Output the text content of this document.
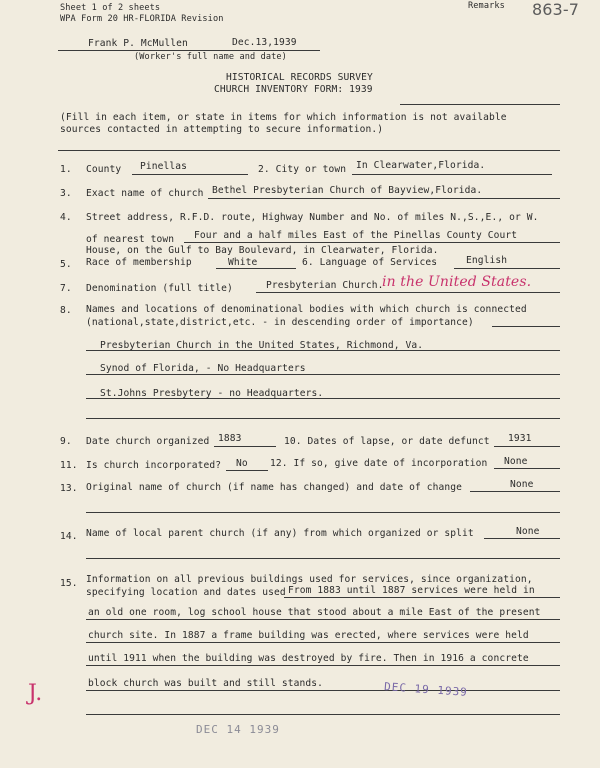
Sheet 1 of 2 sheets
WPA Form 20 HR-FLORIDA Revision
Remarks 863-7
Frank P. McMullen	Dec.13,1939
(Worker's full name and date)
HISTORICAL RECORDS SURVEY
CHURCH INVENTORY FORM: 1939
(Fill in each item, or state in items for which information is not available
sources contacted in attempting to secure information.)
1. County Pinellas	2. City or town In Clearwater,Florida.
3. Exact name of church Bethel Presbyterian Church of Bayview,Florida.
4. Street address, R.F.D. route, Highway Number and No. of miles N.,S.,E., or W.
of nearest town Four and a half miles East of the Pinellas County Court
House, on the Gulf to Bay Boulevard, in Clearwater, Florida.
5. Race of membership	White	6. Language of Services	English
7. Denomination (full title)	Presbyterian Church.
in the United States.
8. Names and locations of denominational bodies with which church is connected
(national,state,district,etc. - in descending order of importance)
Presbyterian Church in the United States, Richmond, Va.
Synod of Florida, - No Headquarters
St.Johns Presbytery - no Headquarters.
9. Date church organized 1883	10. Dates of lapse, or date defunct 1931
11. Is church incorporated? No 12. If so, give date of incorporation None
13. Original name of church (if name has changed) and date of change	None
14. Name of local parent church (if any) from which organized or split	None
15. Information on all previous buildings used for services, since organization,
specifying location and dates used From 1883 until 1887 services were held in
an old one room, log school house that stood about a mile East of the present
church site. In 1887 a frame building was erected, where services were held
until 1911 when the building was destroyed by fire. Then in 1916 a concrete
block church was built and still stands.
J.	DEC 19 1939
DEC 14 1939
